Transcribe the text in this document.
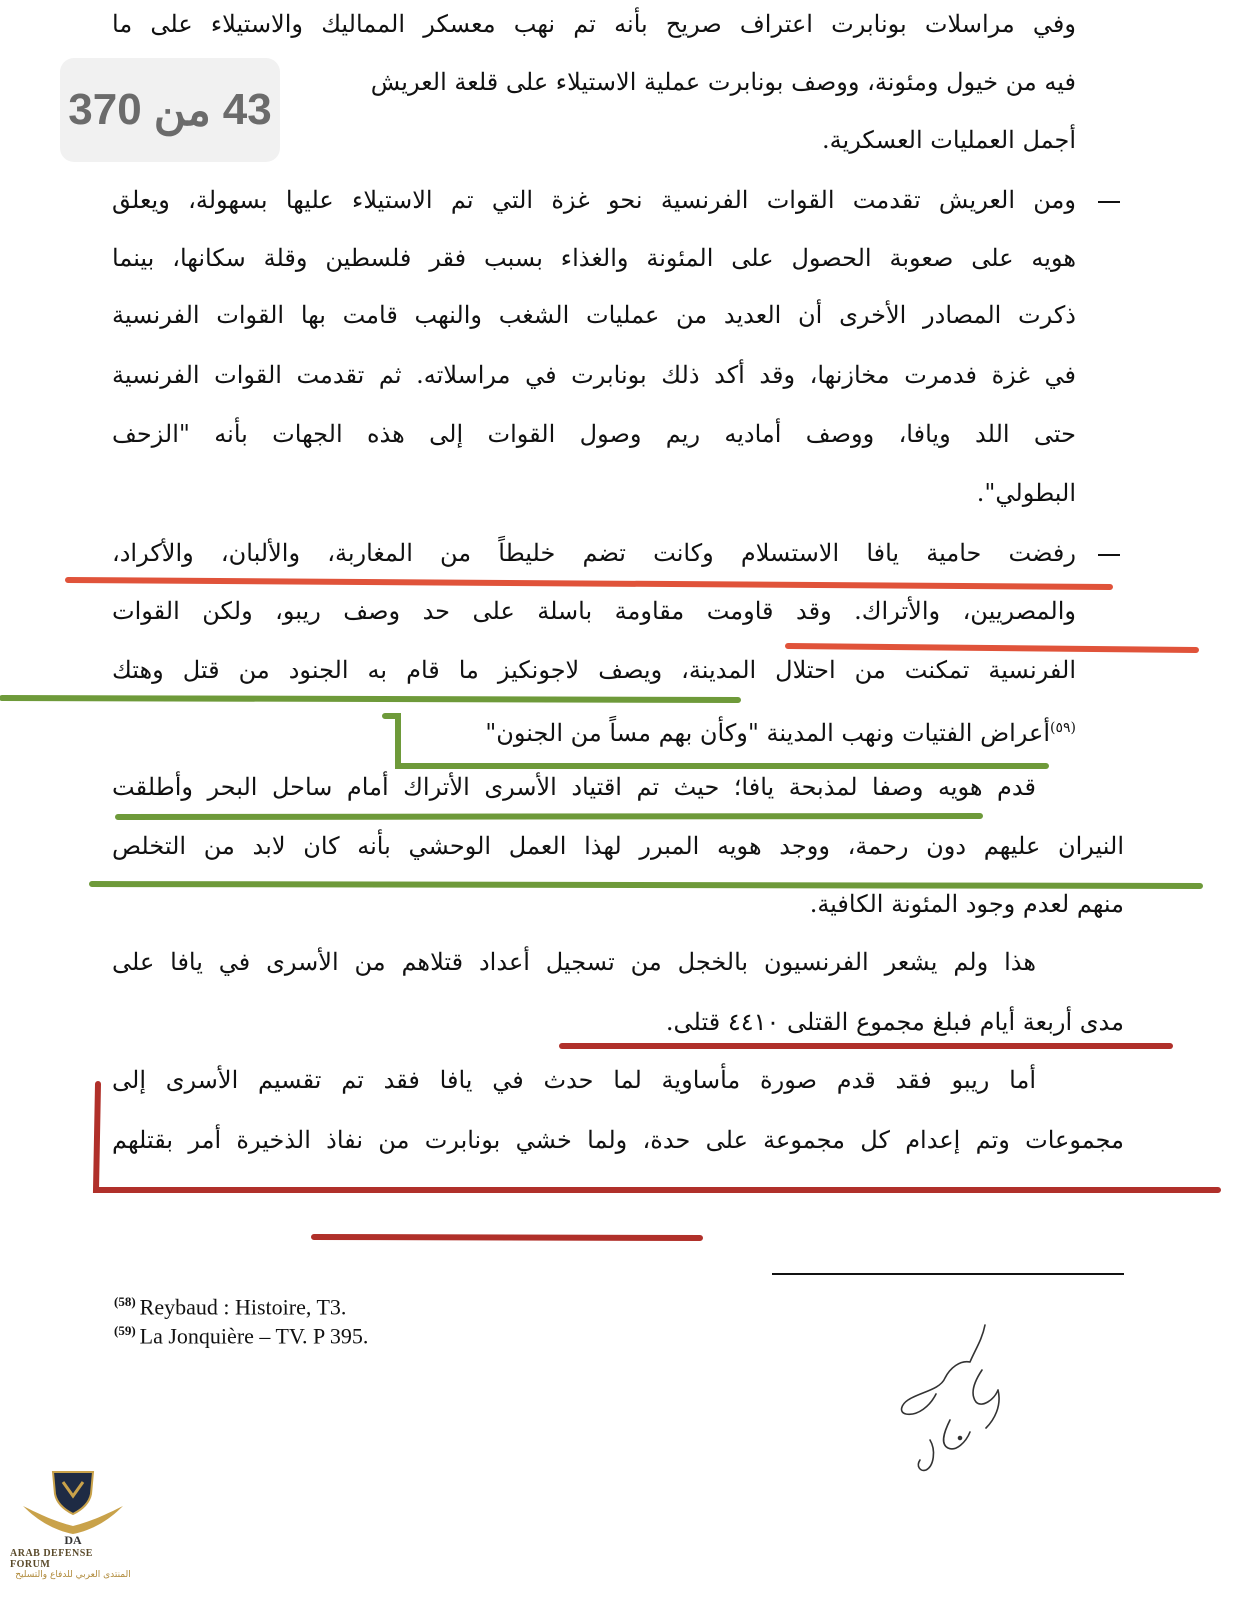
وفي مراسلات بونابرت اعتراف صريح بأنه تم نهب معسكر المماليك والاستيلاء على ما
فيه من خيول ومئونة، ووصف بونابرت عملية الاستيلاء على قلعة العريش
أجمل العمليات العسكرية.
ومن العريش تقدمت القوات الفرنسية نحو غزة التي تم الاستيلاء عليها بسهولة، ويعلق
هويه على صعوبة الحصول على المئونة والغذاء بسبب فقر فلسطين وقلة سكانها، بينما
ذكرت المصادر الأخرى أن العديد من عمليات الشغب والنهب قامت بها القوات الفرنسية
في غزة فدمرت مخازنها، وقد أكد ذلك بونابرت في مراسلاته. ثم تقدمت القوات الفرنسية
حتى اللد ويافا، ووصف أماديه ريم وصول القوات إلى هذه الجهات بأنه "الزحف
البطولي".
رفضت حامية يافا الاستسلام وكانت تضم خليطاً من المغاربة، والألبان، والأكراد،
والمصريين، والأتراك. وقد قاومت مقاومة باسلة على حد وصف ريبو، ولكن القوات
الفرنسية تمكنت من احتلال المدينة، ويصف لاجونكيز ما قام به الجنود من قتل وهتك
$^{(٥٩)}$أعراض الفتيات ونهب المدينة "وكأن بهم مساً من الجنون"
قدم هويه وصفا لمذبحة يافا؛ حيث تم اقتياد الأسرى الأتراك أمام ساحل البحر وأطلقت
النيران عليهم دون رحمة، ووجد هويه المبرر لهذا العمل الوحشي بأنه كان لابد من التخلص
منهم لعدم وجود المئونة الكافية.
هذا ولم يشعر الفرنسيون بالخجل من تسجيل أعداد قتلاهم من الأسرى في يافا على
مدى أربعة أيام فبلغ مجموع القتلى ٤٤١٠ قتلى.
أما ريبو فقد قدم صورة مأساوية لما حدث في يافا فقد تم تقسيم الأسرى إلى
مجموعات وتم إعدام كل مجموعة على حدة، ولما خشي بونابرت من نفاذ الذخيرة أمر بقتلهم
43
من
370
$^{(58)}$ Reybaud : Histoire, T3.
$^{(59)}$ La Jonquière – TV. P 395.
DA
ARAB DEFENSE FORUM
المنتدى العربي للدفاع والتسليح
